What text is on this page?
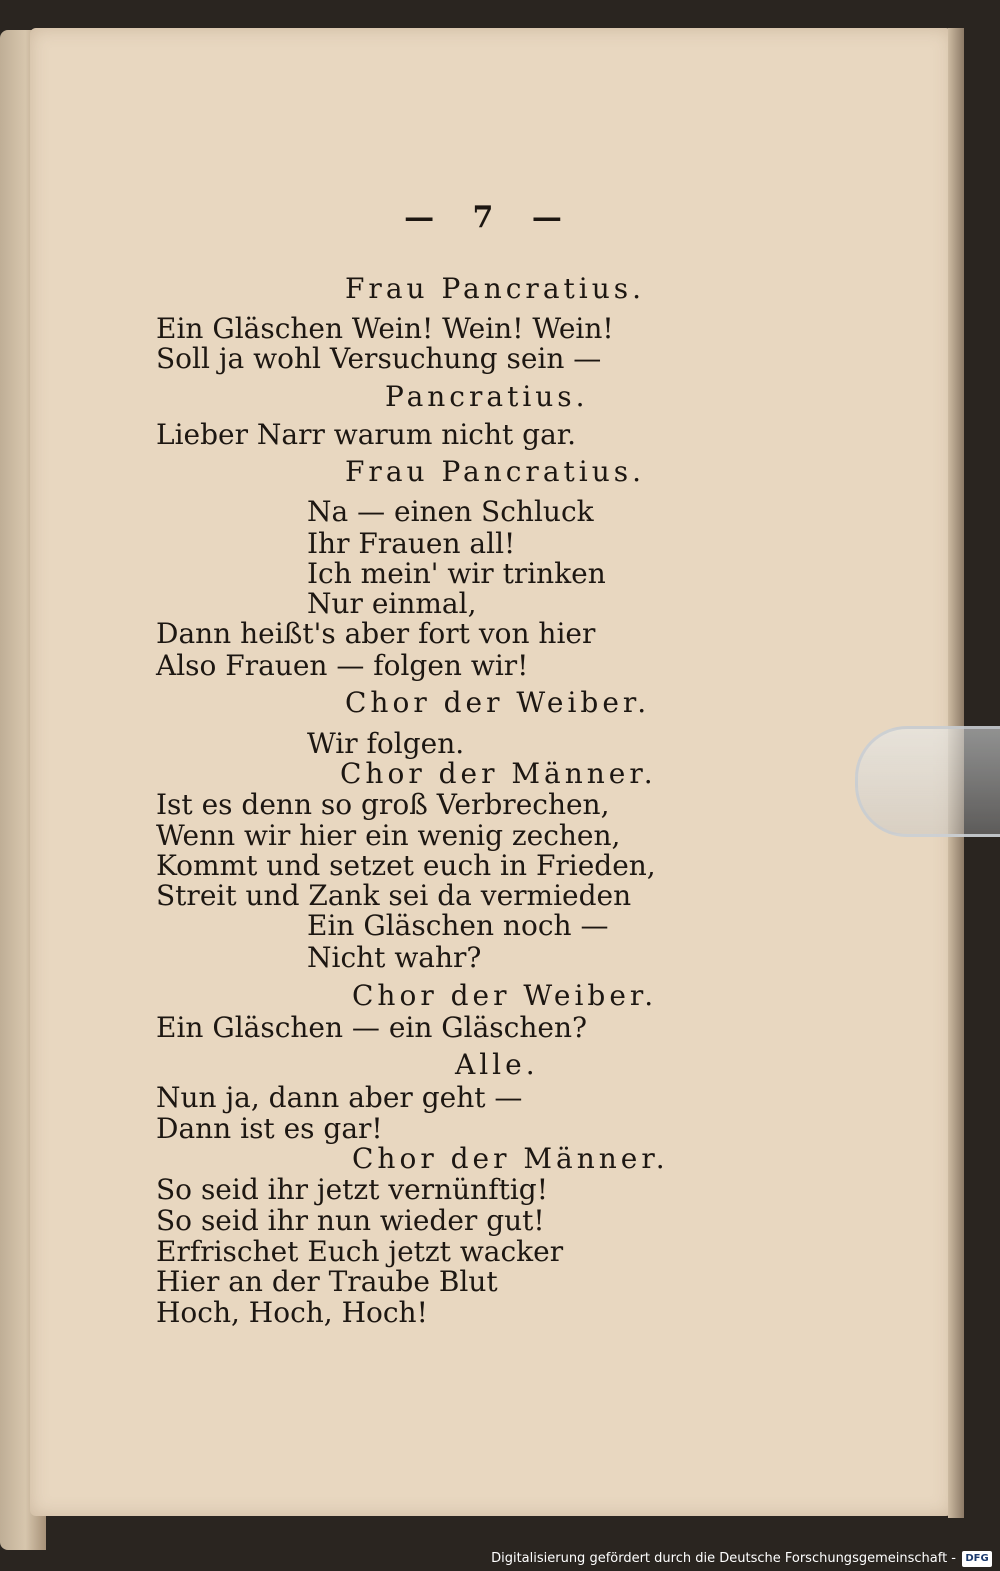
— 7 —
Frau Pancratius.
Ein Gläschen Wein! Wein! Wein!
Soll ja wohl Versuchung sein —
Pancratius.
Lieber Narr warum nicht gar.
Frau Pancratius.
Na — einen Schluck
Ihr Frauen all!
Ich mein' wir trinken
Nur einmal,
Dann heißt's aber fort von hier
Also Frauen — folgen wir!
Chor der Weiber.
Wir folgen.
Chor der Männer.
Ist es denn so groß Verbrechen,
Wenn wir hier ein wenig zechen,
Kommt und setzet euch in Frieden,
Streit und Zank sei da vermieden
Ein Gläschen noch —
Nicht wahr?
Chor der Weiber.
Ein Gläschen — ein Gläschen?
Alle.
Nun ja, dann aber geht —
Dann ist es gar!
Chor der Männer.
So seid ihr jetzt vernünftig!
So seid ihr nun wieder gut!
Erfrischet Euch jetzt wacker
Hier an der Traube Blut
Hoch, Hoch, Hoch!
Digitalisierung gefördert durch die Deutsche Forschungsgemeinschaft - DFG
